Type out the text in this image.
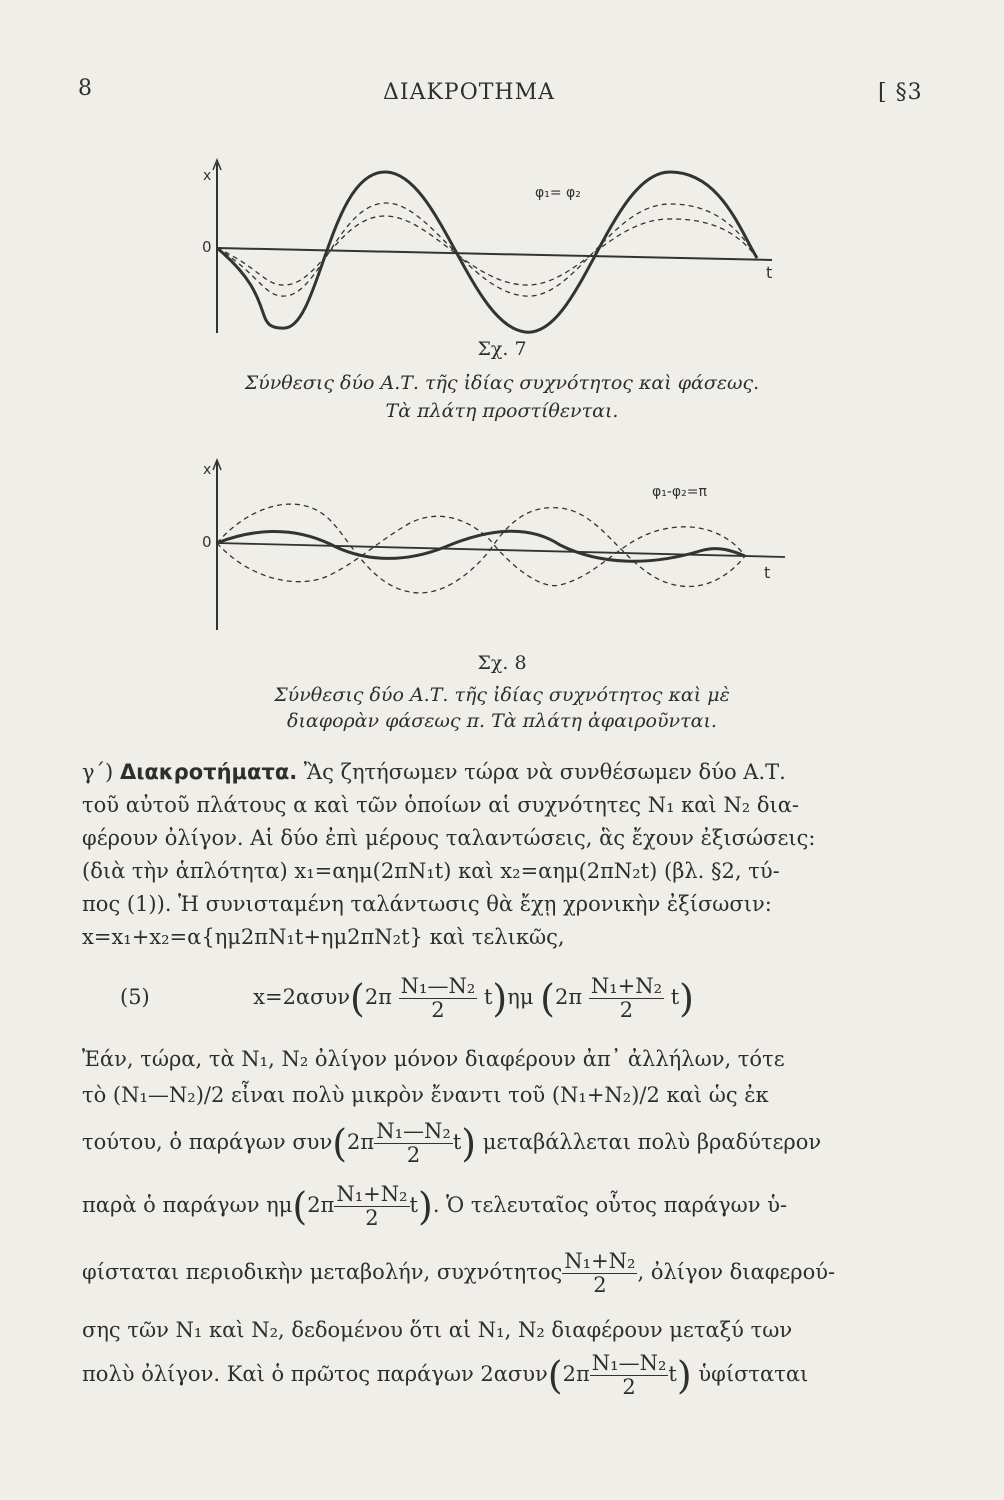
8	ΔΙΑΚΡΟΤΗΜΑ	[ §3
x
0
t
φ₁= φ₂
Σχ. 7
Σύνθεσις δύο Α.Τ. τῆς ἰδίας συχνότητος καὶ φάσεως.
Τὰ πλάτη προστίθενται.
x
0
t
φ₁-φ₂=π
Σχ. 8
Σύνθεσις δύο Α.Τ. τῆς ἰδίας συχνότητος καὶ μὲ
διαφορὰν φάσεως π. Τὰ πλάτη ἀφαιροῦνται.
γ΄) Διακροτήματα. Ἂς ζητήσωμεν τώρα νὰ συνθέσωμεν δύο Α.Τ.
τοῦ αὐτοῦ πλάτους α καὶ τῶν ὁποίων αἱ συχνότητες N₁ καὶ N₂ δια-
φέρουν ὀλίγον. Αἱ δύο ἐπὶ μέρους ταλαντώσεις, ἃς ἔχουν ἐξισώσεις:
(διὰ τὴν ἁπλότητα) x₁=αημ(2πN₁t) καὶ x₂=αημ(2πN₂t) (βλ. §2, τύ-
πος (1)). Ἡ συνισταμένη ταλάντωσις θὰ ἔχῃ χρονικὴν ἐξίσωσιν:
x=x₁+x₂=α{ημ2πN₁t+ημ2πN₂t} καὶ τελικῶς,
(5)	$x=2\alpha\sigma\upsilon\nu(2\pi \frac{\text{N₁—N₂}}{2} t)\eta\mu$ $(2\pi \frac{\text{N₁+N₂}}{2} t)$
Ἐάν, τώρα, τὰ N₁, N₂ ὀλίγον μόνον διαφέρουν ἀπ᾿ ἀλλήλων, τότε
τὸ (N₁—N₂)/2 εἶναι πολὺ μικρὸν ἔναντι τοῦ (N₁+N₂)/2 καὶ ὡς ἐκ
τούτου, ὁ παράγων $\sigma\upsilon\nu(2\pi \frac{\text{N₁—N₂}}{2} t)$ μεταβάλλεται πολὺ βραδύτερον
παρὰ ὁ παράγων $\eta\mu(2\pi \frac{\text{N₁+N₂}}{2} t)$. Ὁ τελευταῖος οὗτος παράγων ὑ-
φίσταται περιοδικὴν μεταβολήν, συχνότητος $\frac{\text{N₁+N₂}}{2}$ , ὀλίγον διαφερού-
σης τῶν N₁ καὶ N₂, δεδομένου ὅτι αἱ N₁, N₂ διαφέρουν μεταξύ των
πολὺ ὀλίγον. Καὶ ὁ πρῶτος παράγων $2\alpha\sigma\upsilon\nu(2\pi \frac{\text{N₁—N₂}}{2} t)$ ὑφίσταται
